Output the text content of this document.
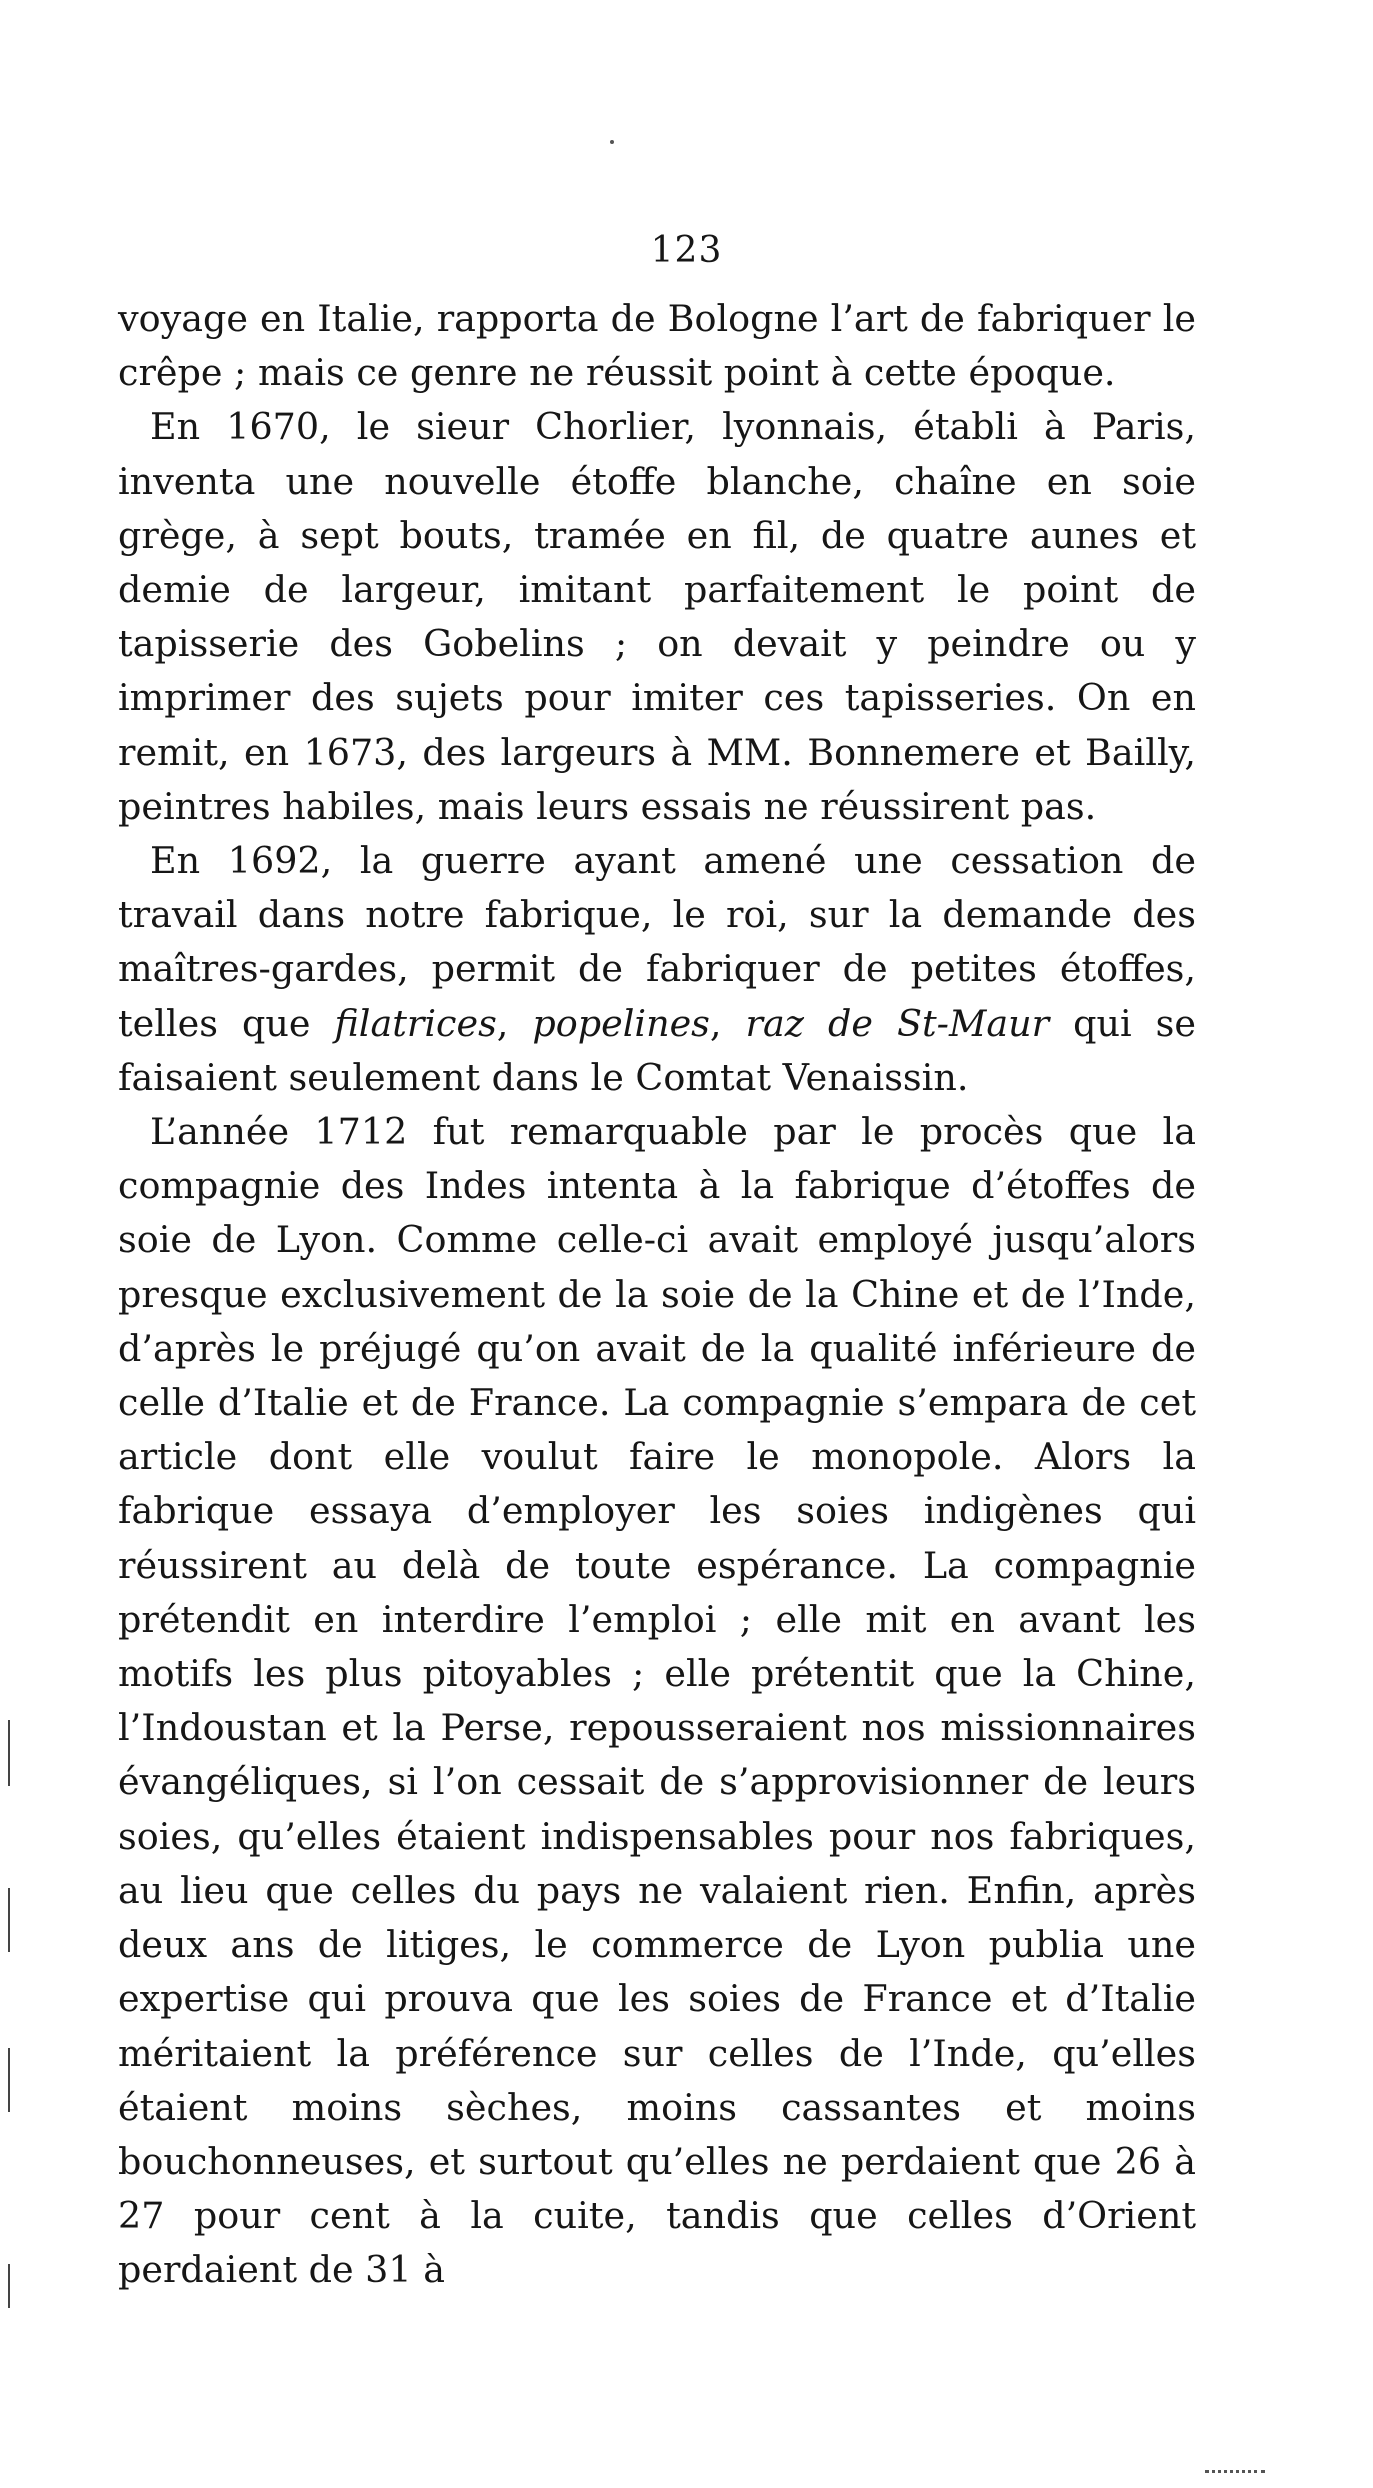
123

voyage en Italie, rapporta de Bologne l’art de fabriquer le crêpe ; mais ce genre ne réussit point à cette époque.

En 1670, le sieur Chorlier, lyonnais, établi à Paris, inventa une nouvelle étoffe blanche, chaîne en soie grège, à sept bouts, tramée en fil, de quatre aunes et demie de largeur, imitant parfaitement le point de tapisserie des Gobelins ; on devait y peindre ou y imprimer des sujets pour imiter ces tapisseries. On en remit, en 1673, des largeurs à MM. Bonnemere et Bailly, peintres habiles, mais leurs essais ne réussirent pas.

En 1692, la guerre ayant amené une cessation de travail dans notre fabrique, le roi, sur la demande des maîtres-gardes, permit de fabriquer de petites étoffes, telles que filatrices, popelines, raz de St-Maur qui se faisaient seulement dans le Comtat Venaissin.

L’année 1712 fut remarquable par le procès que la compagnie des Indes intenta à la fabrique d’étoffes de soie de Lyon. Comme celle-ci avait employé jusqu’alors presque exclusivement de la soie de la Chine et de l’Inde, d’après le préjugé qu’on avait de la qualité inférieure de celle d’Italie et de France. La compagnie s’empara de cet article dont elle voulut faire le monopole. Alors la fabrique essaya d’employer les soies indigènes qui réussirent au delà de toute espérance. La compagnie prétendit en interdire l’emploi ; elle mit en avant les motifs les plus pitoyables ; elle prétentit que la Chine, l’Indoustan et la Perse, repousseraient nos missionnaires évangéliques, si l’on cessait de s’approvisionner de leurs soies, qu’elles étaient indispensables pour nos fabriques, au lieu que celles du pays ne valaient rien. Enfin, après deux ans de litiges, le commerce de Lyon publia une expertise qui prouva que les soies de France et d’Italie méritaient la préférence sur celles de l’Inde, qu’elles étaient moins sèches, moins cassantes et moins bouchonneuses, et surtout qu’elles ne perdaient que 26 à 27 pour cent à la cuite, tandis que celles d’Orient perdaient de 31 à
